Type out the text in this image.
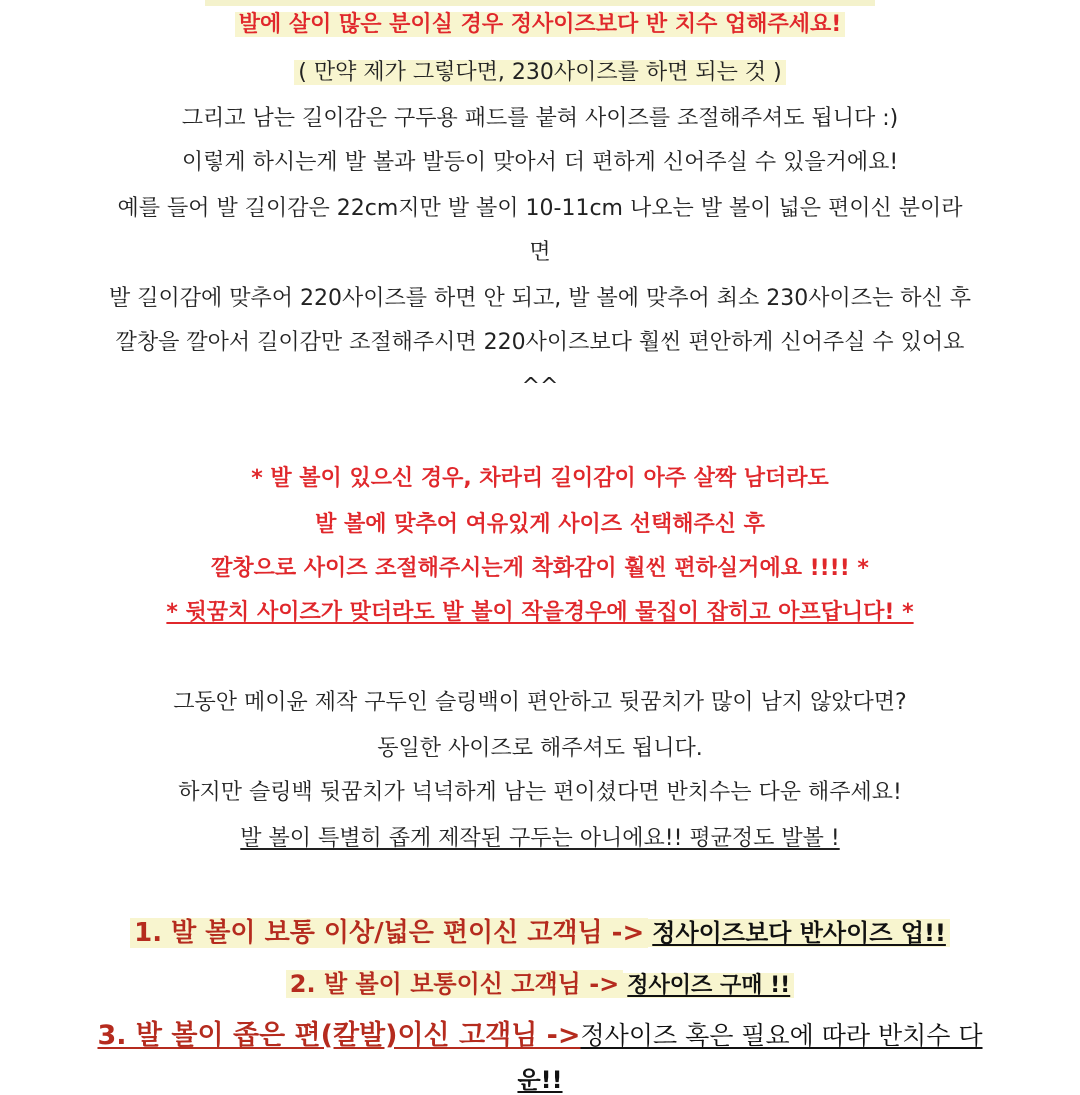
발에 살이 많은 분이실 경우 정사이즈보다 반 치수 업해주세요!
( 만약 제가 그렇다면, 230사이즈를 하면 되는 것 )
그리고 남는 길이감은 구두용 패드를 붙혀 사이즈를 조절해주셔도 됩니다 :)
이렇게 하시는게 발 볼과 발등이 맞아서 더 편하게 신어주실 수 있을거에요!
예를 들어 발 길이감은 22cm지만 발 볼이 10-11cm 나오는 발 볼이 넓은 편이신 분이라
면
발 길이감에 맞추어 220사이즈를 하면 안 되고, 발 볼에 맞추어 최소 230사이즈는 하신 후
깔창을 깔아서 길이감만 조절해주시면 220사이즈보다 훨씬 편안하게 신어주실 수 있어요
^^
* 발 볼이 있으신 경우, 차라리 길이감이 아주 살짝 남더라도
발 볼에 맞추어 여유있게 사이즈 선택해주신 후
깔창으로 사이즈 조절해주시는게 착화감이 훨씬 편하실거에요 !!!! *
* 뒷꿈치 사이즈가 맞더라도 발 볼이 작을경우에 물집이 잡히고 아프답니다! *
그동안 메이윤 제작 구두인 슬링백이 편안하고 뒷꿈치가 많이 남지 않았다면?
동일한 사이즈로 해주셔도 됩니다.
하지만 슬링백 뒷꿈치가 넉넉하게 남는 편이셨다면 반치수는 다운 해주세요!
발 볼이 특별히 좁게 제작된 구두는 아니에요!! 평균정도 발볼 !
1. 발 볼이 보통 이상/넓은 편이신 고객님 -> 정사이즈보다 반사이즈 업!!
2. 발 볼이 보통이신 고객님 -> 정사이즈 구매 !!
3. 발 볼이 좁은 편(칼발)이신 고객님 ->정사이즈 혹은 필요에 따라 반치수 다
운!!
